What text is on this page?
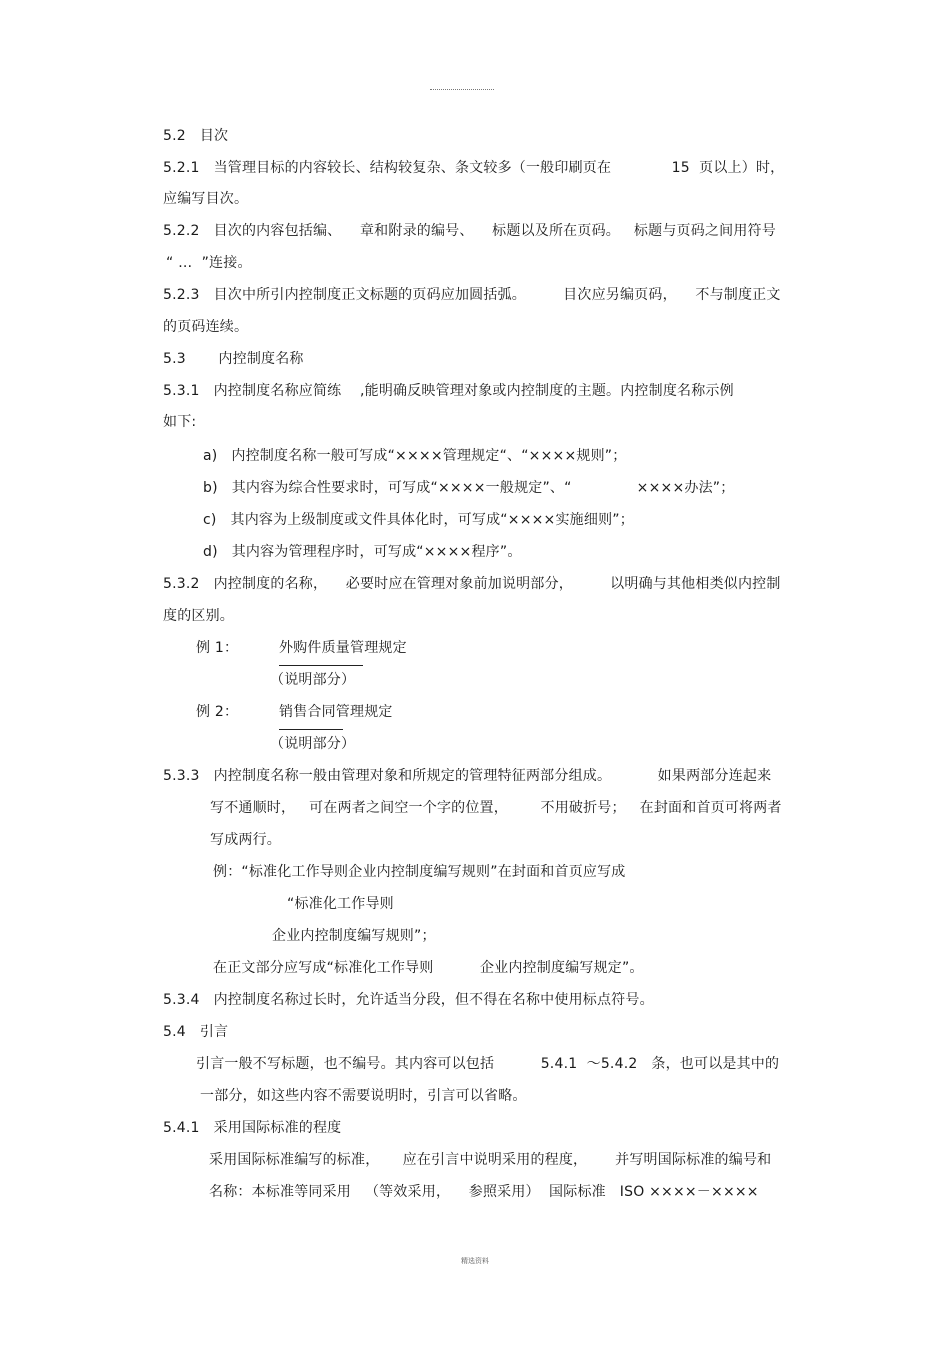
5.2   目次
5.2.1   当管理目标的内容较长、结构较复杂、条文较多（一般印刷页在             15  页以上）时，
应编写目次。
5.2.2   目次的内容包括编、    章和附录的编号、    标题以及所在页码。   标题与页码之间用符号
“ …  ”连接。
5.2.3   目次中所引内控制度正文标题的页码应加圆括弧。        目次应另编页码，    不与制度正文
的页码连续。
5.3       内控制度名称
5.3.1   内控制度名称应简练    ,能明确反映管理对象或内控制度的主题。内控制度名称示例
如下:
a)   内控制度名称一般可写成“××××管理规定“、“××××规则”；
b)   其内容为综合性要求时，可写成“××××一般规定”、“              ××××办法”；
c)   其内容为上级制度或文件具体化时，可写成“××××实施细则”；
d)   其内容为管理程序时，可写成“××××程序”。
5.3.2   内控制度的名称，    必要时应在管理对象前加说明部分，        以明确与其他相类似内控制
度的区别。
例 1：	外购件质量管理规定
（说明部分）
例 2：	销售合同管理规定
（说明部分）
5.3.3   内控制度名称一般由管理对象和所规定的管理特征两部分组成。          如果两部分连起来
写不通顺时，   可在两者之间空一个字的位置，       不用破折号；   在封面和首页可将两者
写成两行。
例：“标准化工作导则企业内控制度编写规则”在封面和首页应写成
“标准化工作导则
企业内控制度编写规则”；
在正文部分应写成“标准化工作导则          企业内控制度编写规定”。
5.3.4   内控制度名称过长时，允许适当分段，但不得在名称中使用标点符号。
5.4   引言
引言一般不写标题，也不编号。其内容可以包括          5.4.1  ～5.4.2   条，也可以是其中的
一部分，如这些内容不需要说明时，引言可以省略。
5.4.1   采用国际标准的程度
采用国际标准编写的标准，     应在引言中说明采用的程度，      并写明国际标准的编号和
名称：本标准等同采用   （等效采用，    参照采用）  国际标准   ISO ××××－××××
精选资料
